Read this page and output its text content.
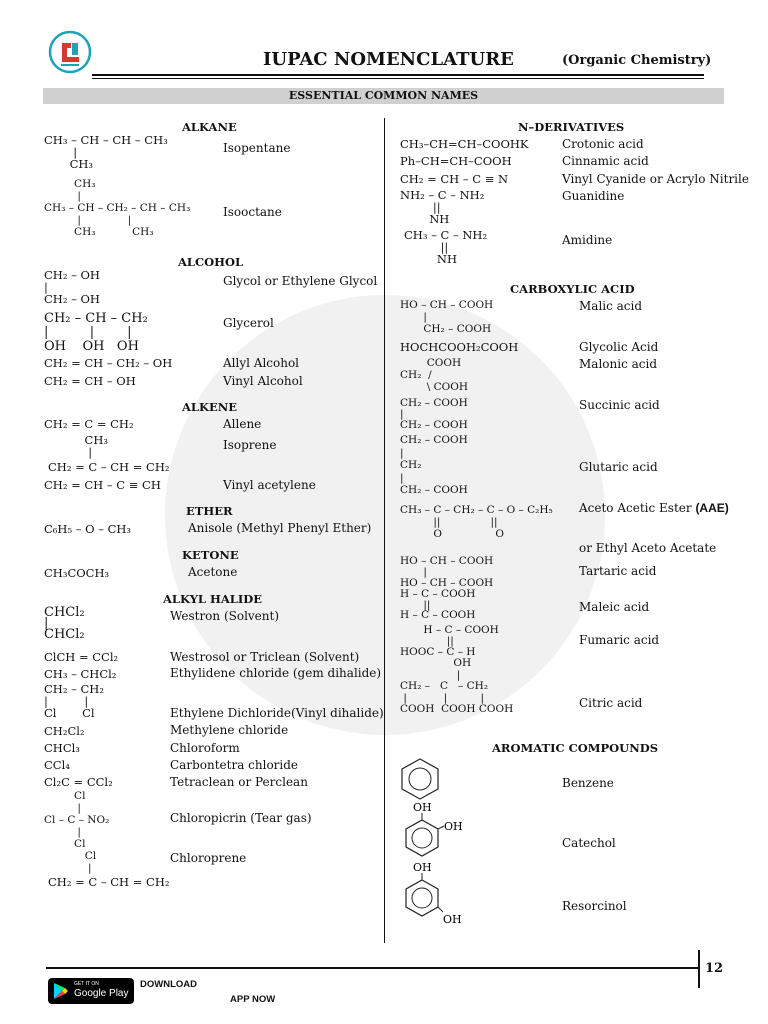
IUPAC NOMENCLATURE	(Organic Chemistry)
ESSENTIAL COMMON NAMES
ALKANE
CH₃ – CH – CH – CH₃
|
CH₃
Isopentane
CH₃
|
CH₃ – CH – CH₂ – CH – CH₃
|              |
CH₃           CH₃
Isooctane
ALCOHOL
CH₂ – OH
|
CH₂ – OH
Glycol or Ethylene Glycol
CH₂ – CH – CH₂
|          |        |
OH    OH   OH
Glycerol
CH₂ = CH – CH₂ – OH	Allyl Alcohol
CH₂ = CH – OH	Vinyl Alcohol
ALKENE
CH₂ = C = CH₂	Allene
CH₃
|
CH₂ = C – CH = CH₂
Isoprene
CH₂ = CH – C ≡ CH	Vinyl acetylene
ETHER
C₆H₅ – O – CH₃	Anisole (Methyl Phenyl Ether)
KETONE
CH₃COCH₃	Acetone
ALKYL HALIDE
CHCl₂
|
CHCl₂
Westron (Solvent)
ClCH = CCl₂	Westrosol or Triclean (Solvent)
CH₃ – CHCl₂	Ethylidene chloride (gem dihalide)
CH₂ – CH₂
|          |
Cl       Cl	Ethylene Dichloride(Vinyl dihalide)
CH₂Cl₂	Methylene chloride
CHCl₃	Chloroform
CCl₄	Carbontetra chloride
Cl₂C = CCl₂	Tetraclean or Perclean
Cl
|
Cl – C – NO₂
|
Cl
Chloropicrin (Tear gas)
Cl
|
CH₂ = C – CH = CH₂
Chloroprene
N–DERIVATIVES
CH₃–CH=CH–COOHK	Crotonic acid
Ph–CH=CH–COOH	Cinnamic acid
CH₂ = CH – C ≡ N	Vinyl Cyanide or Acrylo Nitrile
NH₂ – C – NH₂
||
NH
Guanidine
CH₃ – C – NH₂
||
NH
Amidine
CARBOXYLIC ACID
HO – CH – COOH
|
CH₂ – COOH
Malic acid
HOCHCOOH₂COOH	Glycolic Acid
COOH
CH₂  /
\ COOH
Malonic acid
CH₂ – COOH
|
CH₂ – COOH
Succinic acid
CH₂ – COOH
|
CH₂
|
CH₂ – COOH
Glutaric acid
CH₃ – C – CH₂ – C – O – C₂H₅
||               ||
O                O
Aceto Acetic Ester (AAE)
or Ethyl Aceto Acetate
HO – CH – COOH
|
HO – CH – COOH
Tartaric acid
H – C – COOH
||
H – C – COOH
Maleic acid
H – C – COOH
||
HOOC – C – H
Fumaric acid
OH
|
CH₂ –   C   – CH₂
|           |          |
COOH  COOH COOH	Citric acid
AROMATIC COMPOUNDS
Benzene
OH
OH
Catechol
OH
OH
Resorcinol
12
GET IT ON
Google Play
DOWNLOAD
APP NOW
